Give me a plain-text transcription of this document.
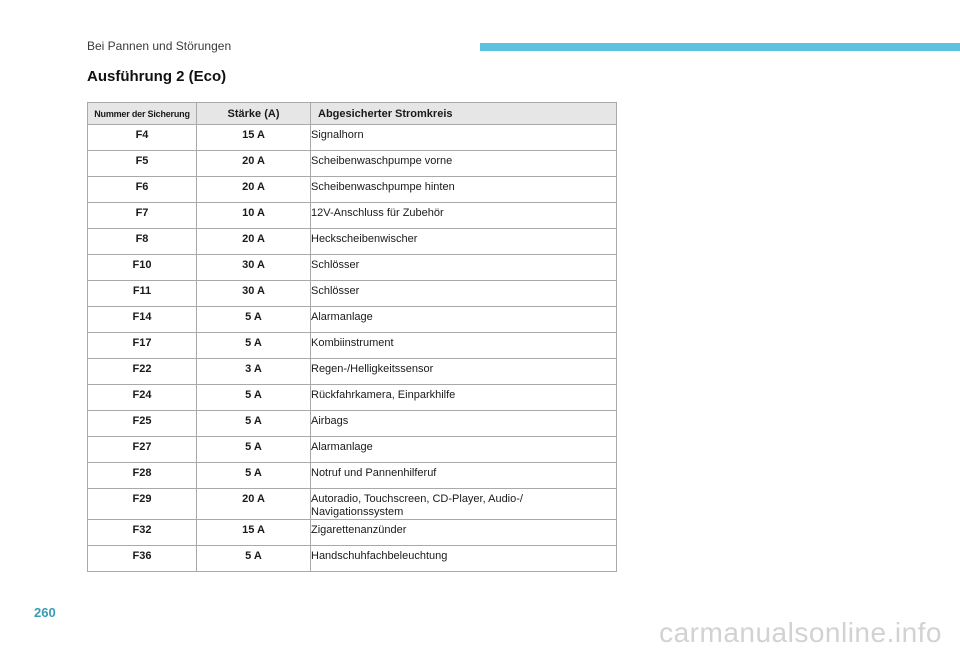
Bei Pannen und Störungen
Ausführung 2 (Eco)
Nummer der Sicherung	Stärke (A)	Abgesicherter Stromkreis
F4	15 A	Signalhorn
F5	20 A	Scheibenwaschpumpe vorne
F6	20 A	Scheibenwaschpumpe hinten
F7	10 A	12V-Anschluss für Zubehör
F8	20 A	Heckscheibenwischer
F10	30 A	Schlösser
F11	30 A	Schlösser
F14	5 A	Alarmanlage
F17	5 A	Kombiinstrument
F22	3 A	Regen-/Helligkeitssensor
F24	5 A	Rückfahrkamera, Einparkhilfe
F25	5 A	Airbags
F27	5 A	Alarmanlage
F28	5 A	Notruf und Pannenhilferuf
F29	20 A	Autoradio, Touchscreen, CD-Player, Audio-/
Navigationssystem
F32	15 A	Zigarettenanzünder
F36	5 A	Handschuhfachbeleuchtung
260
carmanualsonline.info
